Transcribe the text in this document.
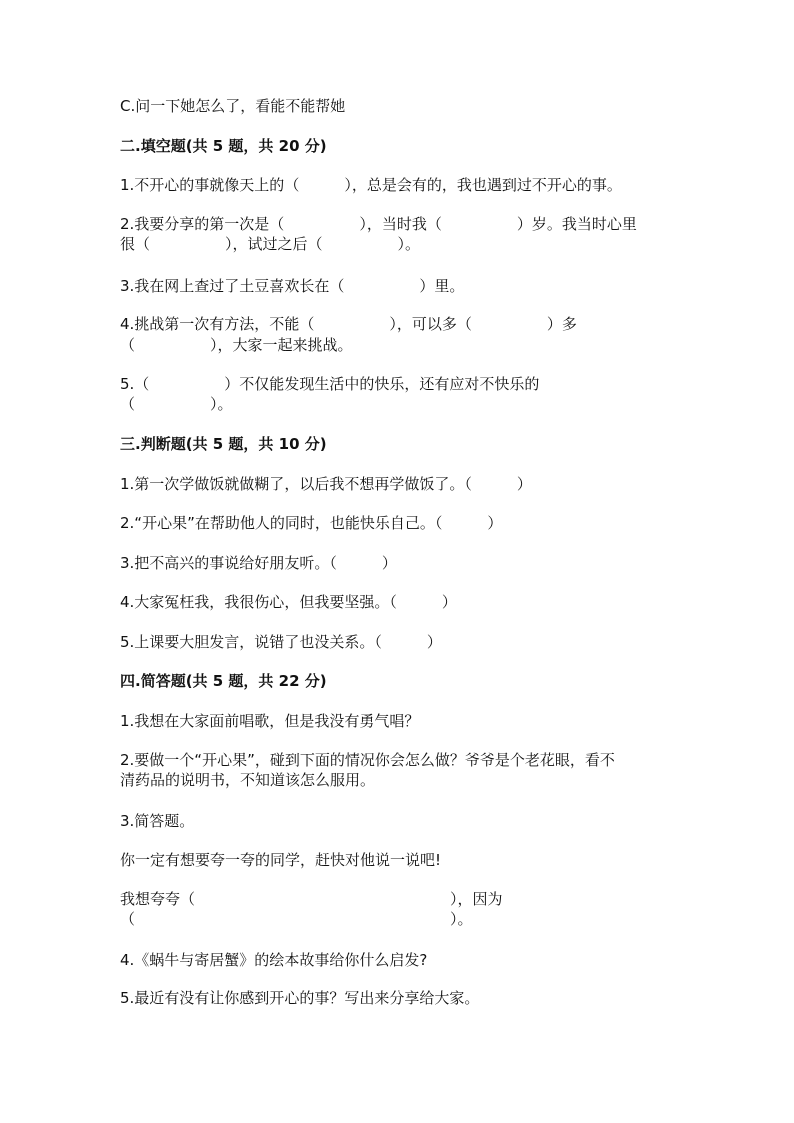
C.问一下她怎么了，看能不能帮她
二.填空题(共 5 题，共 20 分)
1.不开心的事就像天上的（　　　），总是会有的，我也遇到过不开心的事。
2.我要分享的第一次是（　　　　　），当时我（　　　　　）岁。我当时心里
很（　　　　　），试过之后（　　　　　）。
3.我在网上查过了土豆喜欢长在（　　　　　）里。
4.挑战第一次有方法，不能（　　　　　），可以多（　　　　　）多
（　　　　　），大家一起来挑战。
5.（　　　　　）不仅能发现生活中的快乐，还有应对不快乐的
（　　　　　）。
三.判断题(共 5 题，共 10 分)
1.第一次学做饭就做糊了，以后我不想再学做饭了。（　　　）
2.“开心果”在帮助他人的同时，也能快乐自己。（　　　）
3.把不高兴的事说给好朋友听。（　　　）
4.大家冤枉我，我很伤心，但我要坚强。（　　　）
5.上课要大胆发言，说错了也没关系。（　　　）
四.简答题(共 5 题，共 22 分)
1.我想在大家面前唱歌，但是我没有勇气唱？
2.要做一个“开心果”，碰到下面的情况你会怎么做？爷爷是个老花眼，看不
清药品的说明书，不知道该怎么服用。
3.简答题。
你一定有想要夸一夸的同学，赶快对他说一说吧!
我想夸夸（　　　　　　　　　　　　　　　　　），因为
（　　　　　　　　　　　　　　　　　　　　　）。
4.《蜗牛与寄居蟹》的绘本故事给你什么启发?
5.最近有没有让你感到开心的事？写出来分享给大家。
